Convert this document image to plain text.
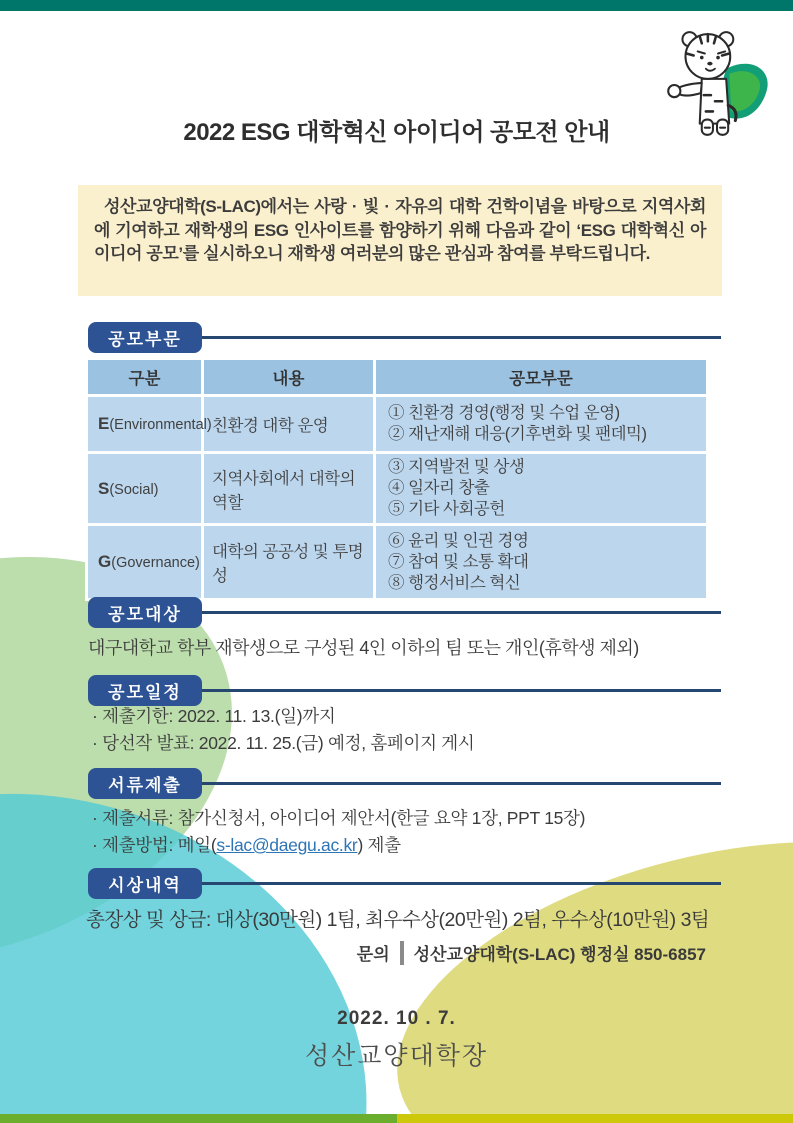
2022 ESG 대학혁신 아이디어 공모전 안내

성산교양대학(S-LAC)에서는 사랑 · 빛 · 자유의 대학 건학이념을 바탕으로 지역사회에 기여하고 재학생의 ESG 인사이트를 함양하기 위해 다음과 같이 ‘ESG 대학혁신 아이디어 공모’를 실시하오니 재학생 여러분의 많은 관심과 참여를 부탁드립니다.

공모부문
구분	내용	공모부문
E(Environmental)	친환경 대학 운영	① 친환경 경영(행정 및 수업 운영)
② 재난재해 대응(기후변화 및 팬데믹)

S(Social)	지역사회에서 대학의 역할	③ 지역발전 및 상생
④ 일자리 창출
⑤ 기타 사회공헌

G(Governance)	대학의 공공성 및 투명성	⑥ 윤리 및 인권 경영
⑦ 참여 및 소통 확대
⑧ 행정서비스 혁신
공모대상
대구대학교 학부 재학생으로 구성된 4인 이하의 팀 또는 개인(휴학생 제외)
공모일정
· 제출기한: 2022. 11. 13.(일)까지
· 당선작 발표: 2022. 11. 25.(금) 예정, 홈페이지 게시
서류제출
· 제출서류: 참가신청서, 아이디어 제안서(한글 요약 1장, PPT 15장)
· 제출방법: 메일(s-lac@daegu.ac.kr) 제출
시상내역
총장상 및 상금: 대상(30만원) 1팀, 최우수상(20만원) 2팀, 우수상(10만원) 3팀
문의 성산교양대학(S-LAC) 행정실 850-6857
2022. 10 . 7.
성산교양대학장
